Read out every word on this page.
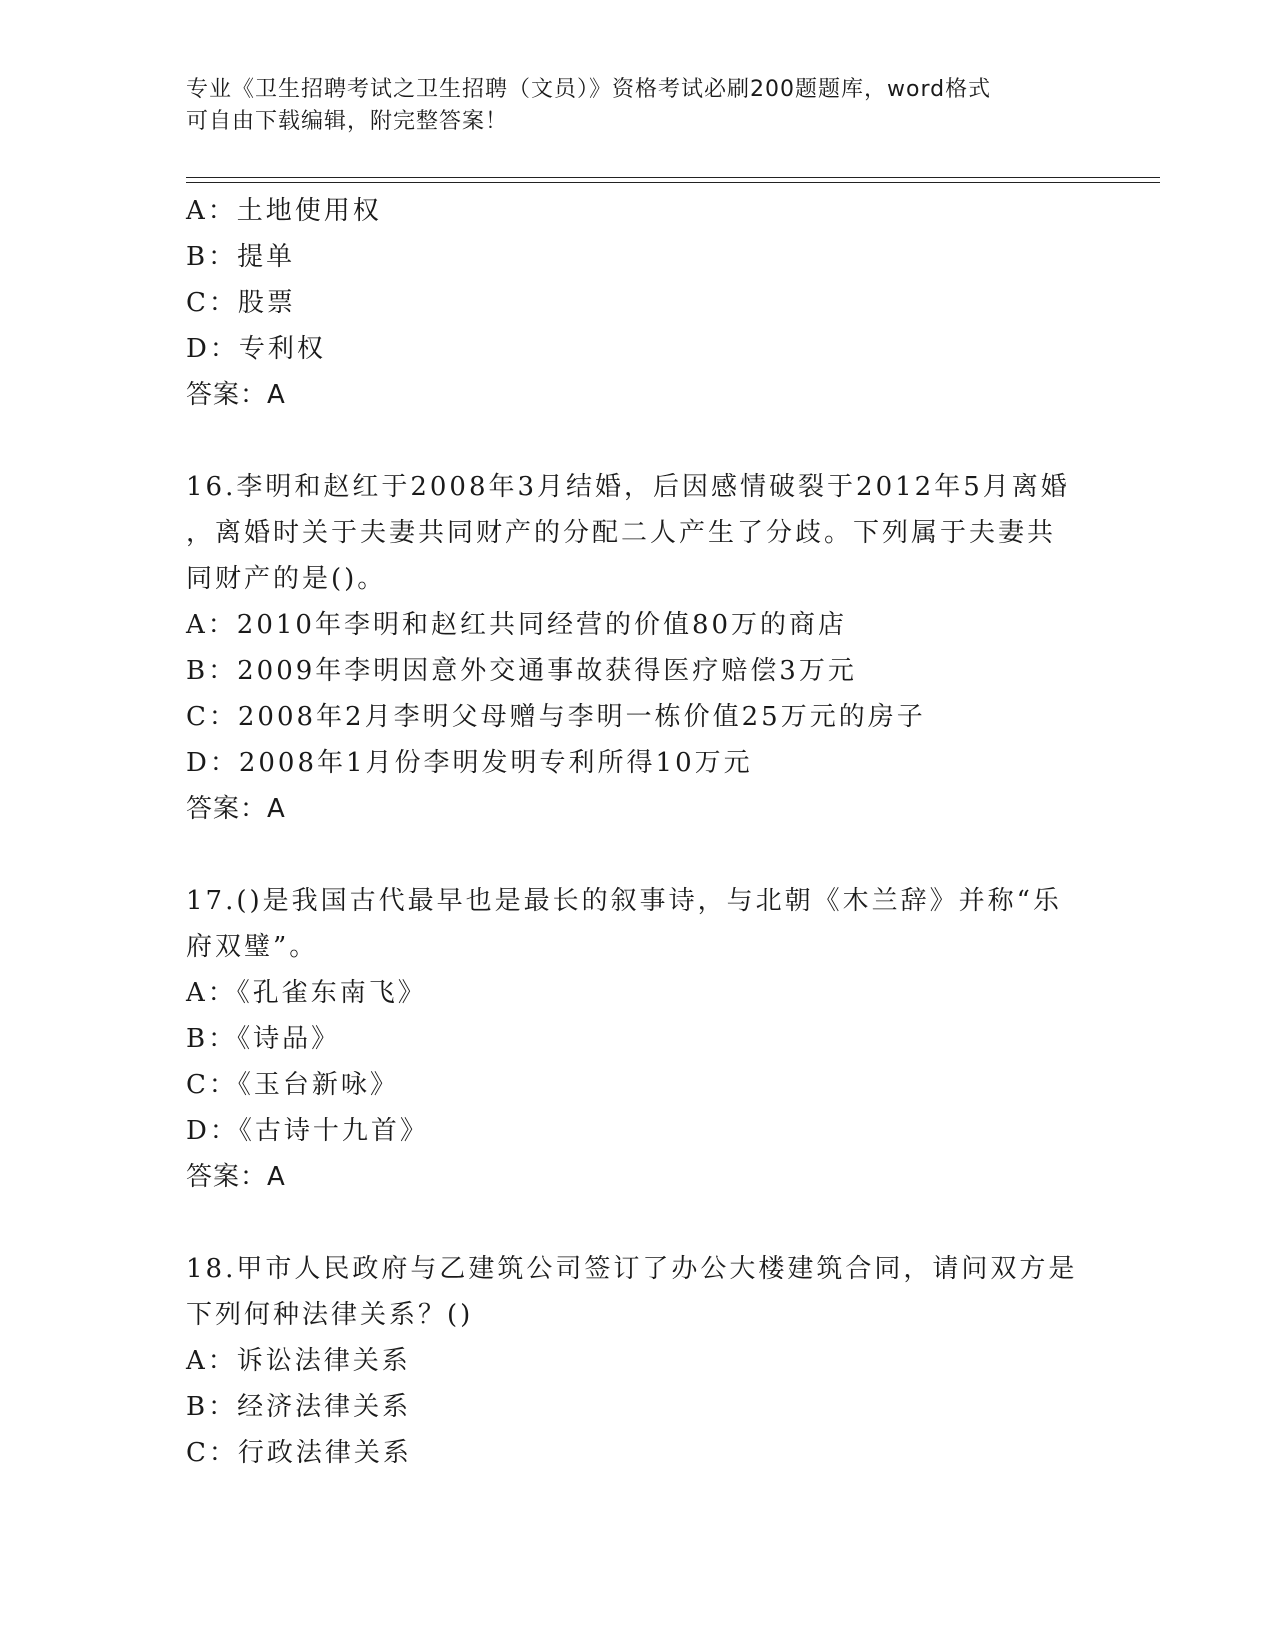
专业《卫生招聘考试之卫生招聘（文员）》资格考试必刷200题题库，word格式
可自由下载编辑，附完整答案！
A：土地使用权
B：提单
C：股票
D：专利权
答案：A
16.李明和赵红于2008年3月结婚，后因感情破裂于2012年5月离婚
，离婚时关于夫妻共同财产的分配二人产生了分歧。下列属于夫妻共
同财产的是()。
A：2010年李明和赵红共同经营的价值80万的商店
B：2009年李明因意外交通事故获得医疗赔偿3万元
C：2008年2月李明父母赠与李明一栋价值25万元的房子
D：2008年1月份李明发明专利所得10万元
答案：A
17.()是我国古代最早也是最长的叙事诗，与北朝《木兰辞》并称“乐
府双璧”。
A：《孔雀东南飞》
B：《诗品》
C：《玉台新咏》
D：《古诗十九首》
答案：A
18.甲市人民政府与乙建筑公司签订了办公大楼建筑合同，请问双方是
下列何种法律关系？()
A：诉讼法律关系
B：经济法律关系
C：行政法律关系
